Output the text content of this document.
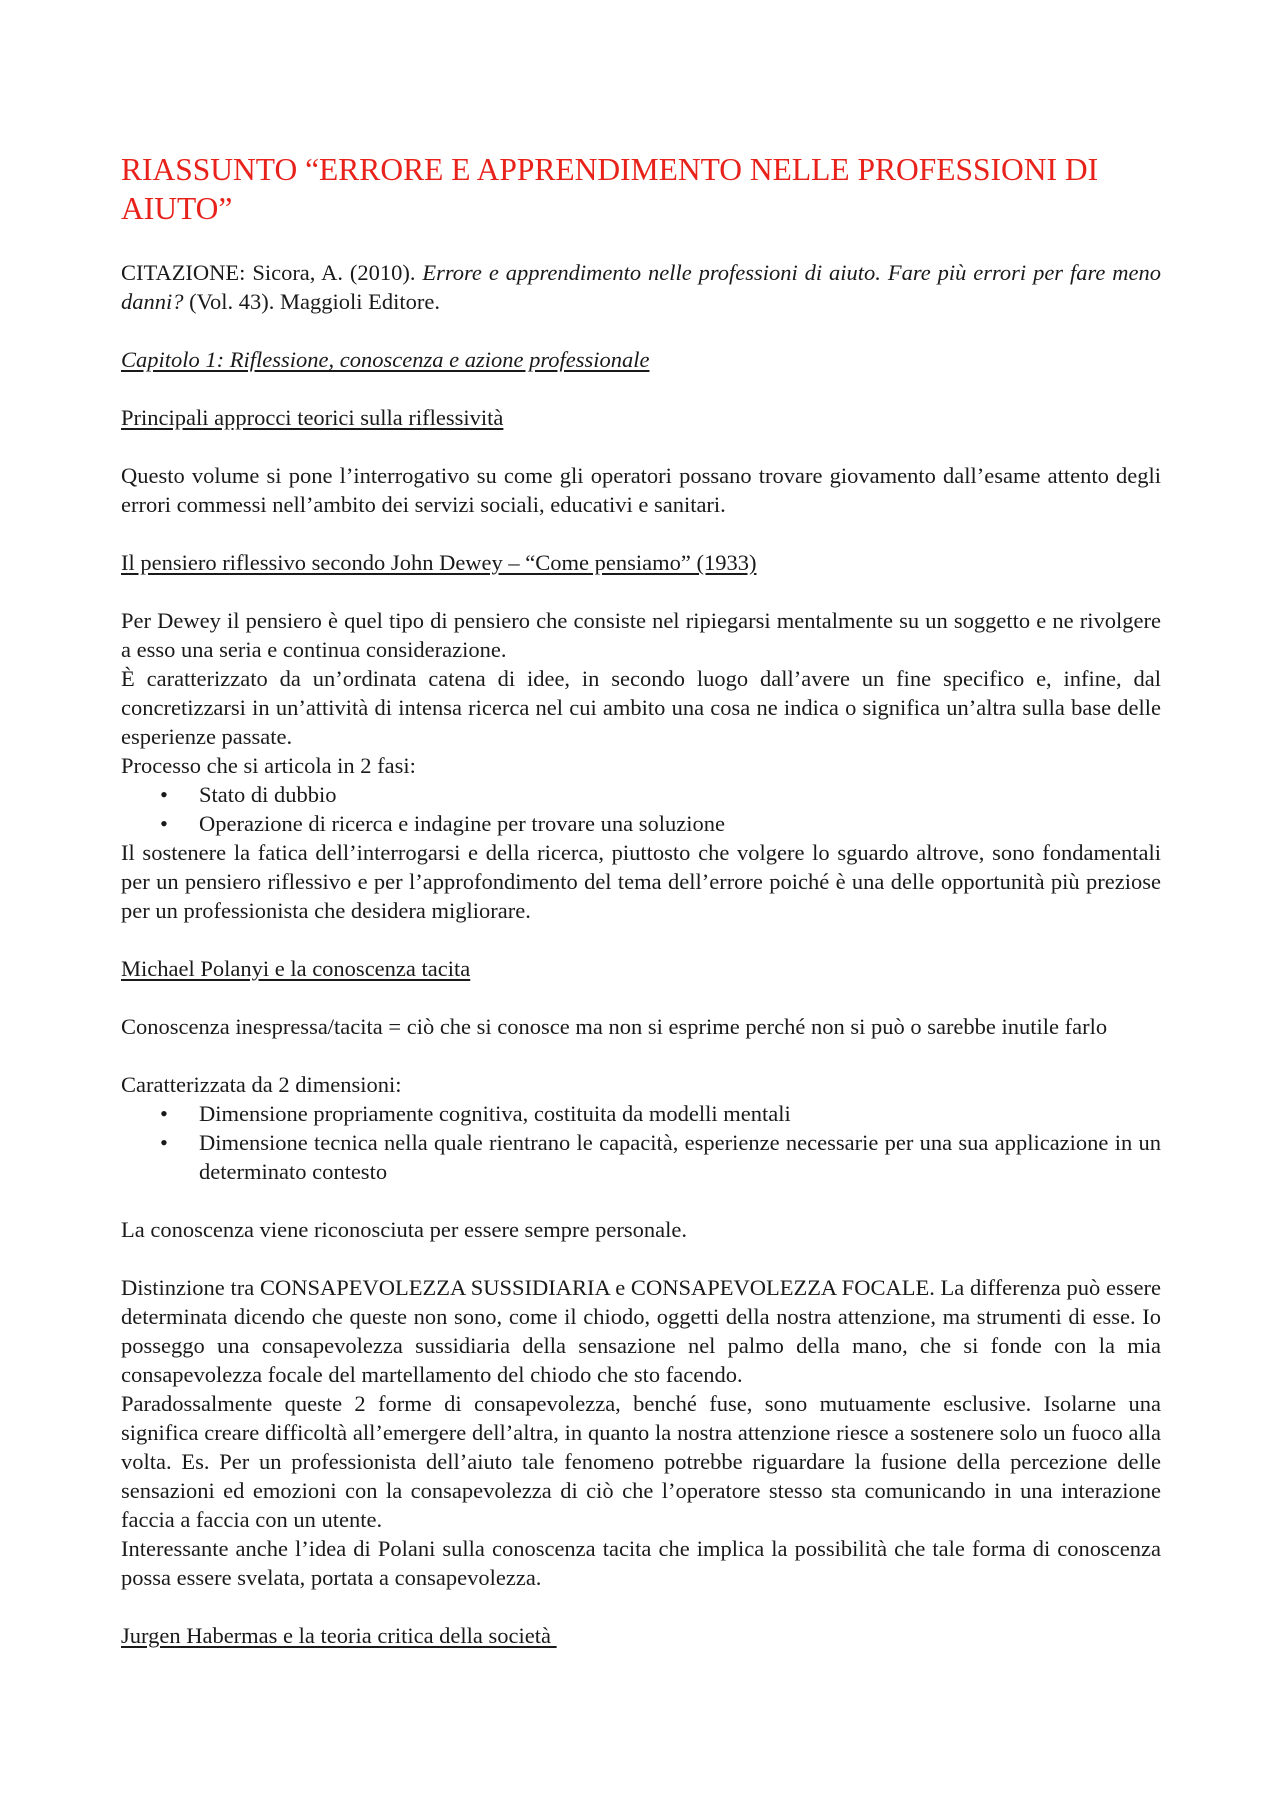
RIASSUNTO “ERRORE E APPRENDIMENTO NELLE PROFESSIONI DI AIUTO”

CITAZIONE: Sicora, A. (2010). Errore e apprendimento nelle professioni di aiuto. Fare più errori per fare meno danni? (Vol. 43). Maggioli Editore.

Capitolo 1: Riflessione, conoscenza e azione professionale

Principali approcci teorici sulla riflessività

Questo volume si pone l’interrogativo su come gli operatori possano trovare giovamento dall’esame attento degli errori commessi nell’ambito dei servizi sociali, educativi e sanitari.

Il pensiero riflessivo secondo John Dewey – “Come pensiamo” (1933)

Per Dewey il pensiero è quel tipo di pensiero che consiste nel ripiegarsi mentalmente su un soggetto e ne rivolgere a esso una seria e continua considerazione.

È caratterizzato da un’ordinata catena di idee, in secondo luogo dall’avere un fine specifico e, infine, dal concretizzarsi in un’attività di intensa ricerca nel cui ambito una cosa ne indica o significa un’altra sulla base delle esperienze passate.

Processo che si articola in 2 fasi:

• Stato di dubbio
• Operazione di ricerca e indagine per trovare una soluzione

Il sostenere la fatica dell’interrogarsi e della ricerca, piuttosto che volgere lo sguardo altrove, sono fondamentali per un pensiero riflessivo e per l’approfondimento del tema dell’errore poiché è una delle opportunità più preziose per un professionista che desidera migliorare.

Michael Polanyi e la conoscenza tacita

Conoscenza inespressa/tacita = ciò che si conosce ma non si esprime perché non si può o sarebbe inutile farlo

Caratterizzata da 2 dimensioni:

• Dimensione propriamente cognitiva, costituita da modelli mentali
• Dimensione tecnica nella quale rientrano le capacità, esperienze necessarie per una sua applicazione in un determinato contesto

La conoscenza viene riconosciuta per essere sempre personale.

Distinzione tra CONSAPEVOLEZZA SUSSIDIARIA e CONSAPEVOLEZZA FOCALE. La differenza può essere determinata dicendo che queste non sono, come il chiodo, oggetti della nostra attenzione, ma strumenti di esse. Io posseggo una consapevolezza sussidiaria della sensazione nel palmo della mano, che si fonde con la mia consapevolezza focale del martellamento del chiodo che sto facendo.

Paradossalmente queste 2 forme di consapevolezza, benché fuse, sono mutuamente esclusive. Isolarne una significa creare difficoltà all’emergere dell’altra, in quanto la nostra attenzione riesce a sostenere solo un fuoco alla volta. Es. Per un professionista dell’aiuto tale fenomeno potrebbe riguardare la fusione della percezione delle sensazioni ed emozioni con la consapevolezza di ciò che l’operatore stesso sta comunicando in una interazione faccia a faccia con un utente.

Interessante anche l’idea di Polani sulla conoscenza tacita che implica la possibilità che tale forma di conoscenza possa essere svelata, portata a consapevolezza.

Jurgen Habermas e la teoria critica della società
